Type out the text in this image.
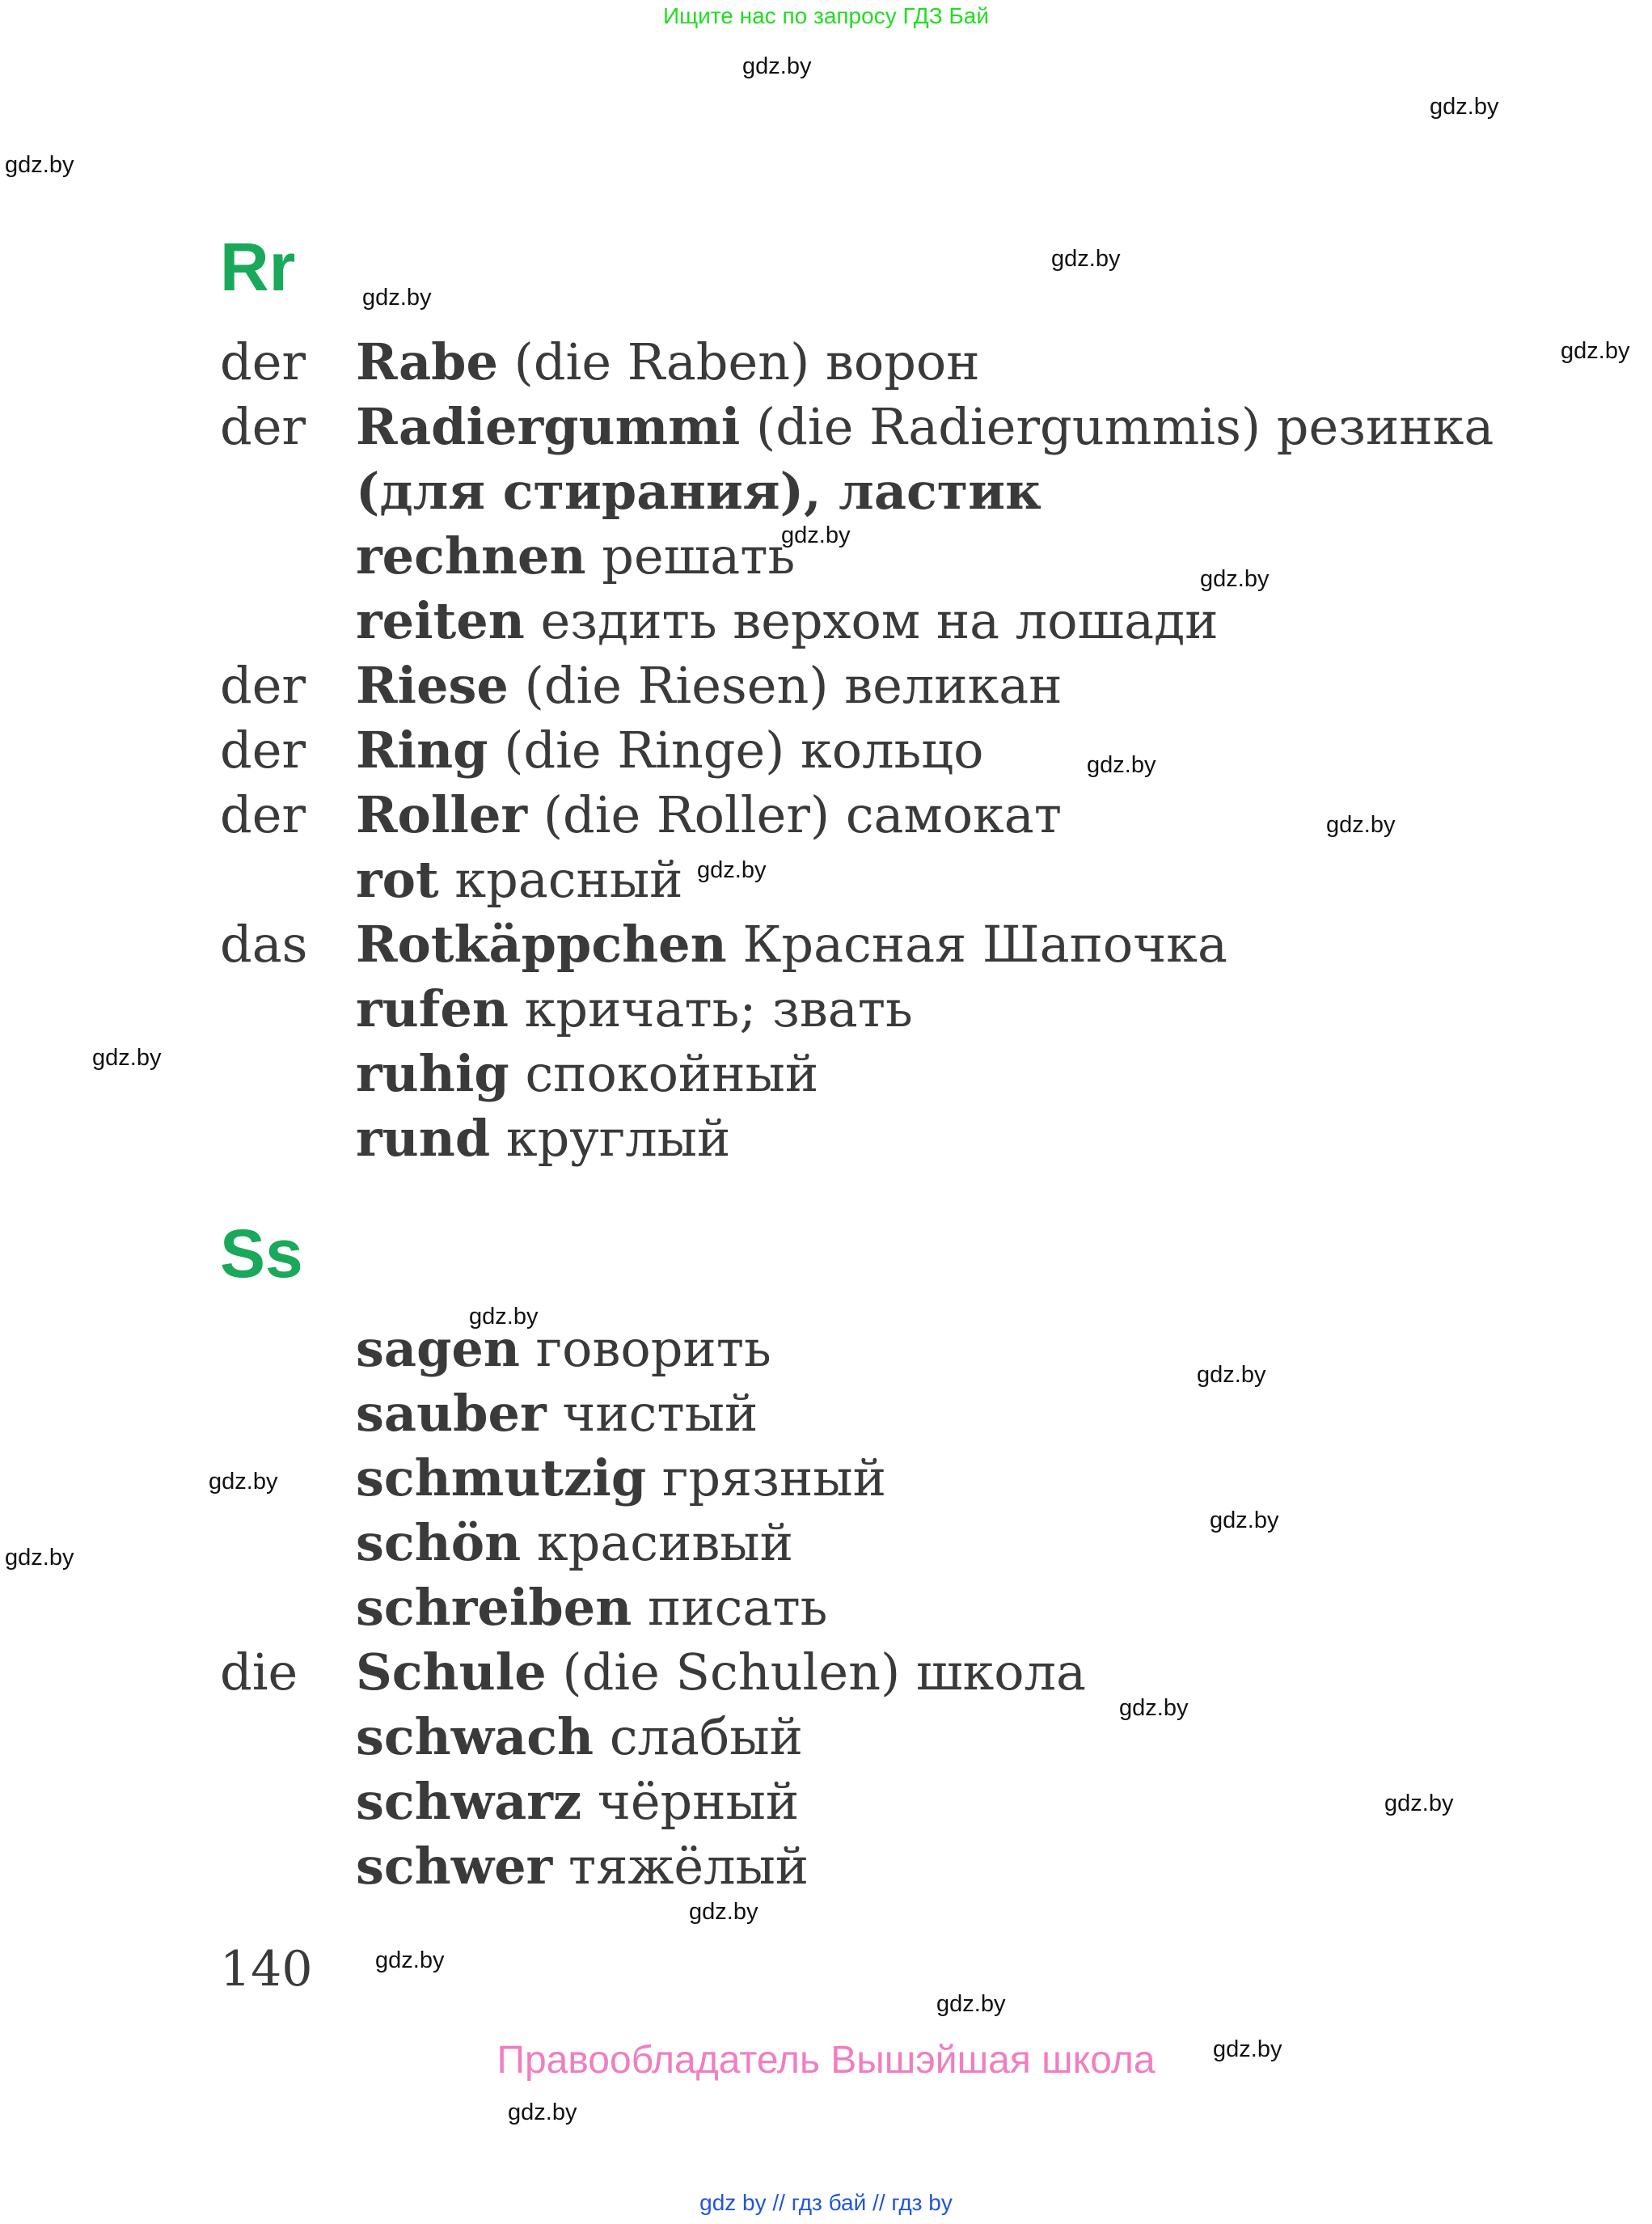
Ищите нас по запросу ГДЗ Бай
Rr
der Rabe (die Raben) ворон
der Radiergummi (die Radiergummis) резинка
(для стирания), ластик
rechnen решать
reiten ездить верхом на лошади
der Riese (die Riesen) великан
der Ring (die Ringe) кольцо
der Roller (die Roller) самокат
rot красный
das Rotkäppchen Красная Шапочка
rufen кричать; звать
ruhig спокойный
rund круглый
Ss
sagen говорить
sauber чистый
schmutzig грязный
schön красивый
schreiben писать
die	Schule (die Schulen) школа
schwach слабый
schwarz чёрный
schwer тяжёлый
140
Правообладатель Вышэйшая школа
gdz by // гдз бай // гдз by
gdz.by
gdz.by
gdz.by
gdz.by
gdz.by
gdz.by
gdz.by
gdz.by
gdz.by
gdz.by
gdz.by
gdz.by
gdz.by
gdz.by
gdz.by
gdz.by
gdz.by
gdz.by
gdz.by
gdz.by
gdz.by
gdz.by
gdz.by
gdz.by
